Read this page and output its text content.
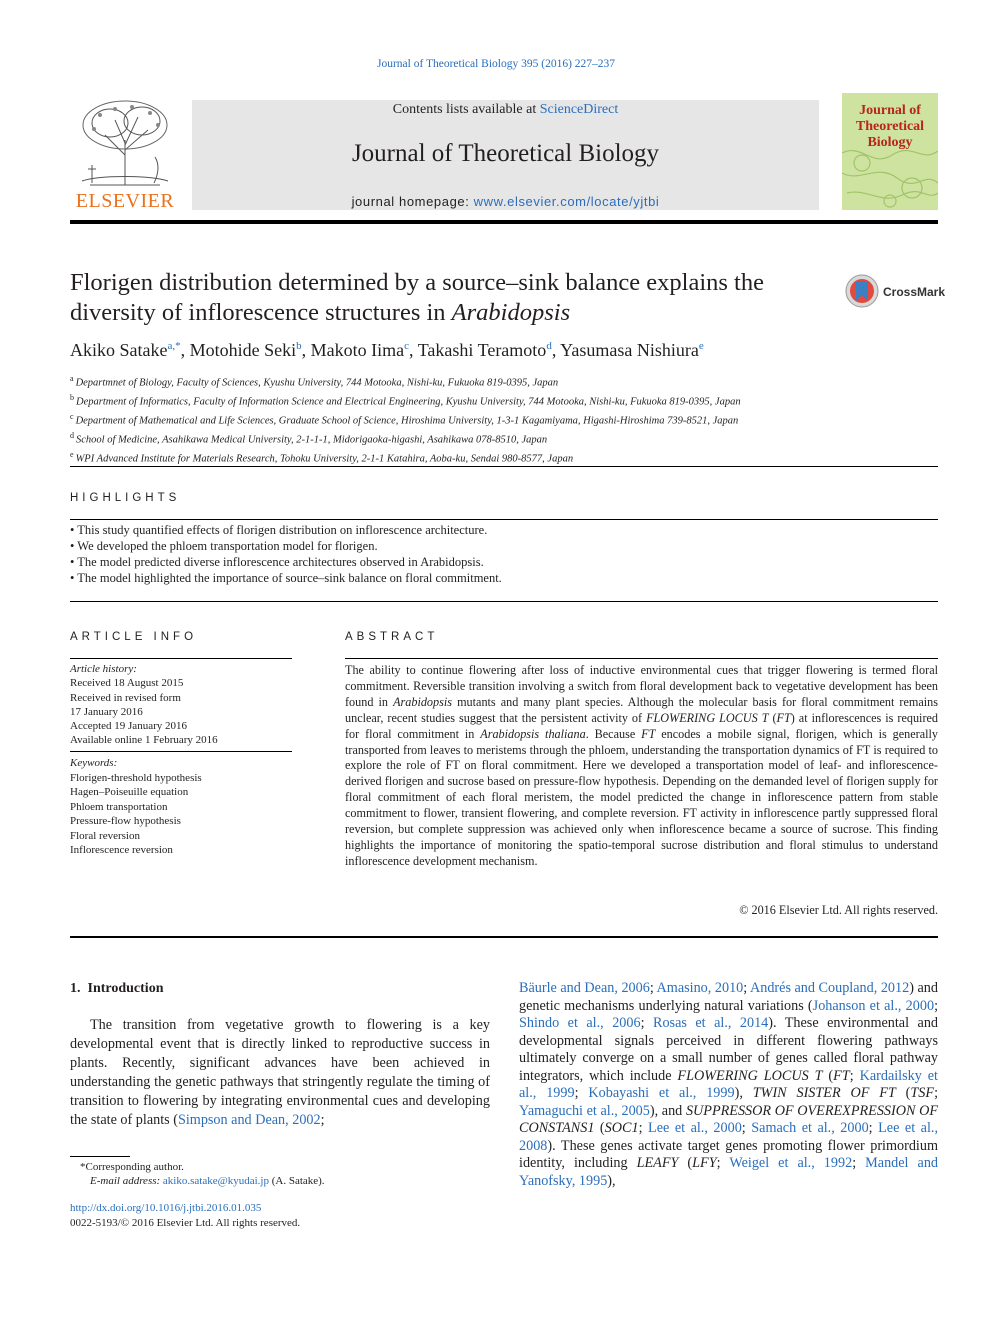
Journal of Theoretical Biology 395 (2016) 227–237
ELSEVIER
Contents lists available at ScienceDirect
Journal of Theoretical Biology
journal homepage: www.elsevier.com/locate/yjtbi
Journal of Theoretical Biology
Florigen distribution determined by a source–sink balance explains the diversity of inflorescence structures in Arabidopsis
CrossMark
Akiko Satake$^{a,*}$, Motohide Seki$^b$, Makoto Iima$^c$, Takashi Teramoto$^d$, Yasumasa Nishiura$^e$
$^a$ Departmnet of Biology, Faculty of Sciences, Kyushu University, 744 Motooka, Nishi-ku, Fukuoka 819-0395, Japan
$^b$ Department of Informatics, Faculty of Information Science and Electrical Engineering, Kyushu University, 744 Motooka, Nishi-ku, Fukuoka 819-0395, Japan
$^c$ Department of Mathematical and Life Sciences, Graduate School of Science, Hiroshima University, 1-3-1 Kagamiyama, Higashi-Hiroshima 739-8521, Japan
$^d$ School of Medicine, Asahikawa Medical University, 2-1-1-1, Midorigaoka-higashi, Asahikawa 078-8510, Japan
$^e$ WPI Advanced Institute for Materials Research, Tohoku University, 2-1-1 Katahira, Aoba-ku, Sendai 980-8577, Japan
HIGHLIGHTS
• This study quantified effects of florigen distribution on inflorescence architecture.
• We developed the phloem transportation model for florigen.
• The model predicted diverse inflorescence architectures observed in Arabidopsis.
• The model highlighted the importance of source–sink balance on floral commitment.
ARTICLE INFO
Article history:
Received 18 August 2015
Received in revised form
17 January 2016
Accepted 19 January 2016
Available online 1 February 2016
Keywords:
Florigen-threshold hypothesis
Hagen–Poiseuille equation
Phloem transportation
Pressure-flow hypothesis
Floral reversion
Inflorescence reversion
ABSTRACT
The ability to continue flowering after loss of inductive environmental cues that trigger flowering is termed floral commitment. Reversible transition involving a switch from floral development back to vegetative development has been found in Arabidopsis mutants and many plant species. Although the molecular basis for floral commitment remains unclear, recent studies suggest that the persistent activity of FLOWERING LOCUS T (FT) at inflorescences is required for floral commitment in Arabidopsis thaliana. Because FT encodes a mobile signal, florigen, which is generally transported from leaves to meristems through the phloem, understanding the transportation dynamics of FT is required to explore the role of FT on floral commitment. Here we developed a transportation model of leaf- and inflorescence-derived florigen and sucrose based on pressure-flow hypothesis. Depending on the demanded level of florigen supply for floral commitment of each floral meristem, the model predicted the change in inflorescence pattern from stable commitment to flower, transient flowering, and complete reversion. FT activity in inflorescence partly suppressed floral reversion, but complete suppression was achieved only when inflorescence became a source of sucrose. This finding highlights the importance of monitoring the spatio-temporal sucrose distribution and floral stimulus to understand inflorescence development mechanism.
© 2016 Elsevier Ltd. All rights reserved.
1. Introduction
The transition from vegetative growth to flowering is a key developmental event that is directly linked to reproductive success in plants. Recently, significant advances have been achieved in understanding the genetic pathways that stringently regulate the timing of transition to flowering by integrating environmental cues and developing the state of plants (Simpson and Dean, 2002;
Bäurle and Dean, 2006; Amasino, 2010; Andrés and Coupland, 2012) and genetic mechanisms underlying natural variations (Johanson et al., 2000; Shindo et al., 2006; Rosas et al., 2014). These environmental and developmental signals perceived in different flowering pathways ultimately converge on a small number of genes called floral pathway integrators, which include FLOWERING LOCUS T (FT; Kardailsky et al., 1999; Kobayashi et al., 1999), TWIN SISTER OF FT (TSF; Yamaguchi et al., 2005), and SUPPRESSOR OF OVEREXPRESSION OF CONSTANS1 (SOC1; Lee et al., 2000; Samach et al., 2000; Lee et al., 2008). These genes activate target genes promoting flower primordium identity, including LEAFY (LFY; Weigel et al., 1992; Mandel and Yanofsky, 1995),
*Corresponding author.
E-mail address: akiko.satake@kyudai.jp (A. Satake).
http://dx.doi.org/10.1016/j.jtbi.2016.01.035
0022-5193/© 2016 Elsevier Ltd. All rights reserved.
